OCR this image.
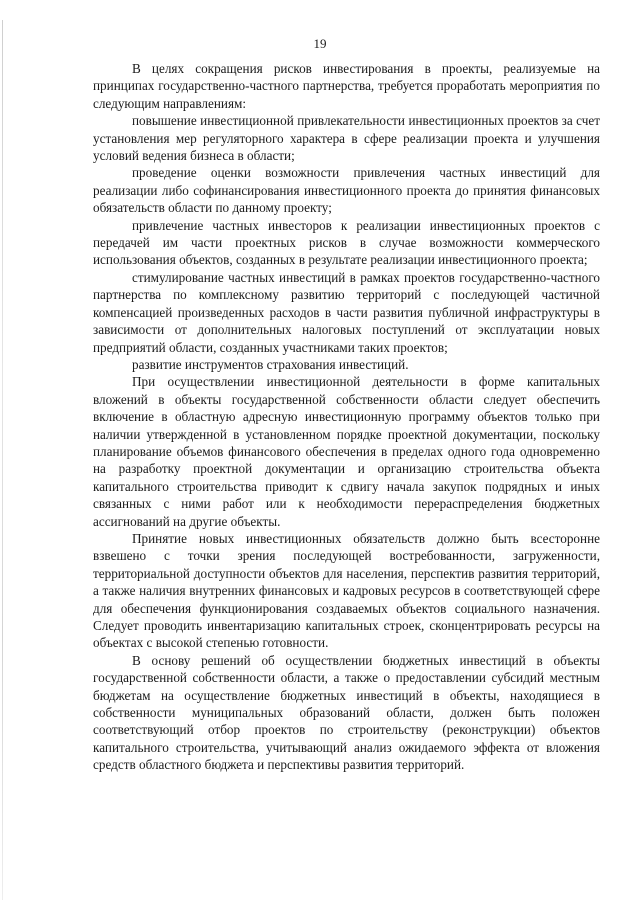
19

В целях сокращения рисков инвестирования в проекты, реализуемые на принципах государственно-частного партнерства, требуется проработать мероприятия по следующим направлениям:

повышение инвестиционной привлекательности инвестиционных проектов за счет установления мер регуляторного характера в сфере реализации проекта и улучшения условий ведения бизнеса в области;

проведение оценки возможности привлечения частных инвестиций для реализации либо софинансирования инвестиционного проекта до принятия финансовых обязательств области по данному проекту;

привлечение частных инвесторов к реализации инвестиционных проектов с передачей им части проектных рисков в случае возможности коммерческого использования объектов, созданных в результате реализации инвестиционного проекта;

стимулирование частных инвестиций в рамках проектов государственно-частного партнерства по комплексному развитию территорий с последующей частичной компенсацией произведенных расходов в части развития публичной инфраструктуры в зависимости от дополнительных налоговых поступлений от эксплуатации новых предприятий области, созданных участниками таких проектов;

развитие инструментов страхования инвестиций.

При осуществлении инвестиционной деятельности в форме капитальных вложений в объекты государственной собственности области следует обеспечить включение в областную адресную инвестиционную программу объектов только при наличии утвержденной в установленном порядке проектной документации, поскольку планирование объемов финансового обеспечения в пределах одного года одновременно на разработку проектной документации и организацию строительства объекта капитального строительства приводит к сдвигу начала закупок подрядных и иных связанных с ними работ или к необходимости перераспределения бюджетных ассигнований на другие объекты.

Принятие новых инвестиционных обязательств должно быть всесторонне взвешено с точки зрения последующей востребованности, загруженности, территориальной доступности объектов для населения, перспектив развития территорий, а также наличия внутренних финансовых и кадровых ресурсов в соответствующей сфере для обеспечения функционирования создаваемых объектов социального назначения. Следует проводить инвентаризацию капитальных строек, сконцентрировать ресурсы на объектах с высокой степенью готовности.

В основу решений об осуществлении бюджетных инвестиций в объекты государственной собственности области, а также о предоставлении субсидий местным бюджетам на осуществление бюджетных инвестиций в объекты, находящиеся в собственности муниципальных образований области, должен быть положен соответствующий отбор проектов по строительству (реконструкции) объектов капитального строительства, учитывающий анализ ожидаемого эффекта от вложения средств областного бюджета и перспективы развития территорий.
